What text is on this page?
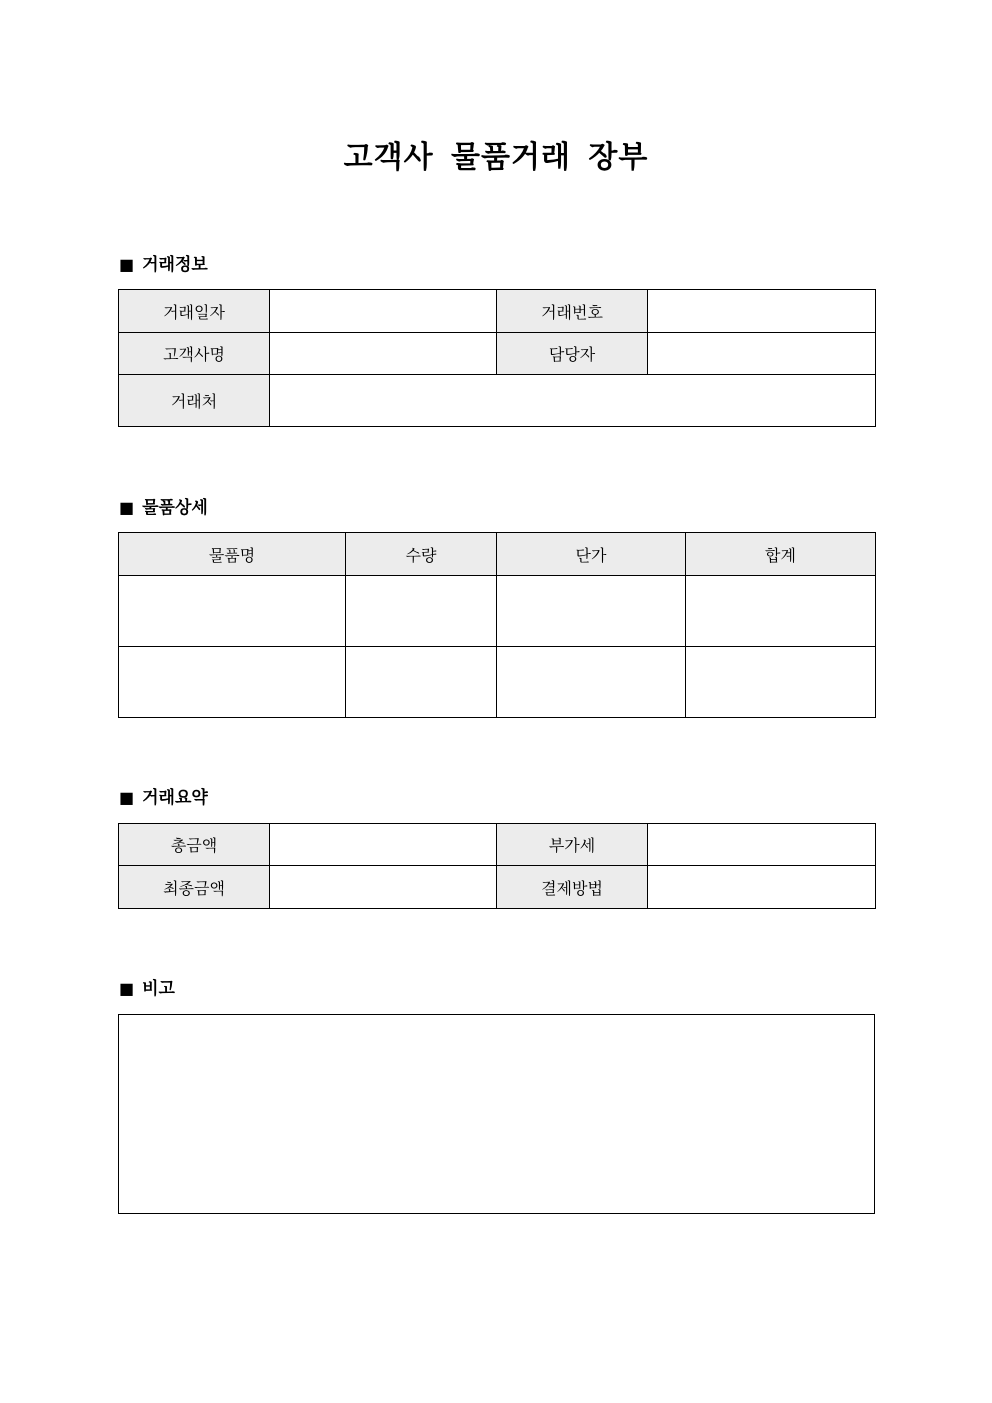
고객사 물품거래 장부
■ 거래정보
거래일자		거래번호	
고객사명		담당자	
거래처			
■ 물품상세
물품명	수량	단가	합계

■ 거래요약
총금액		부가세	
최종금액		결제방법	
■ 비고
